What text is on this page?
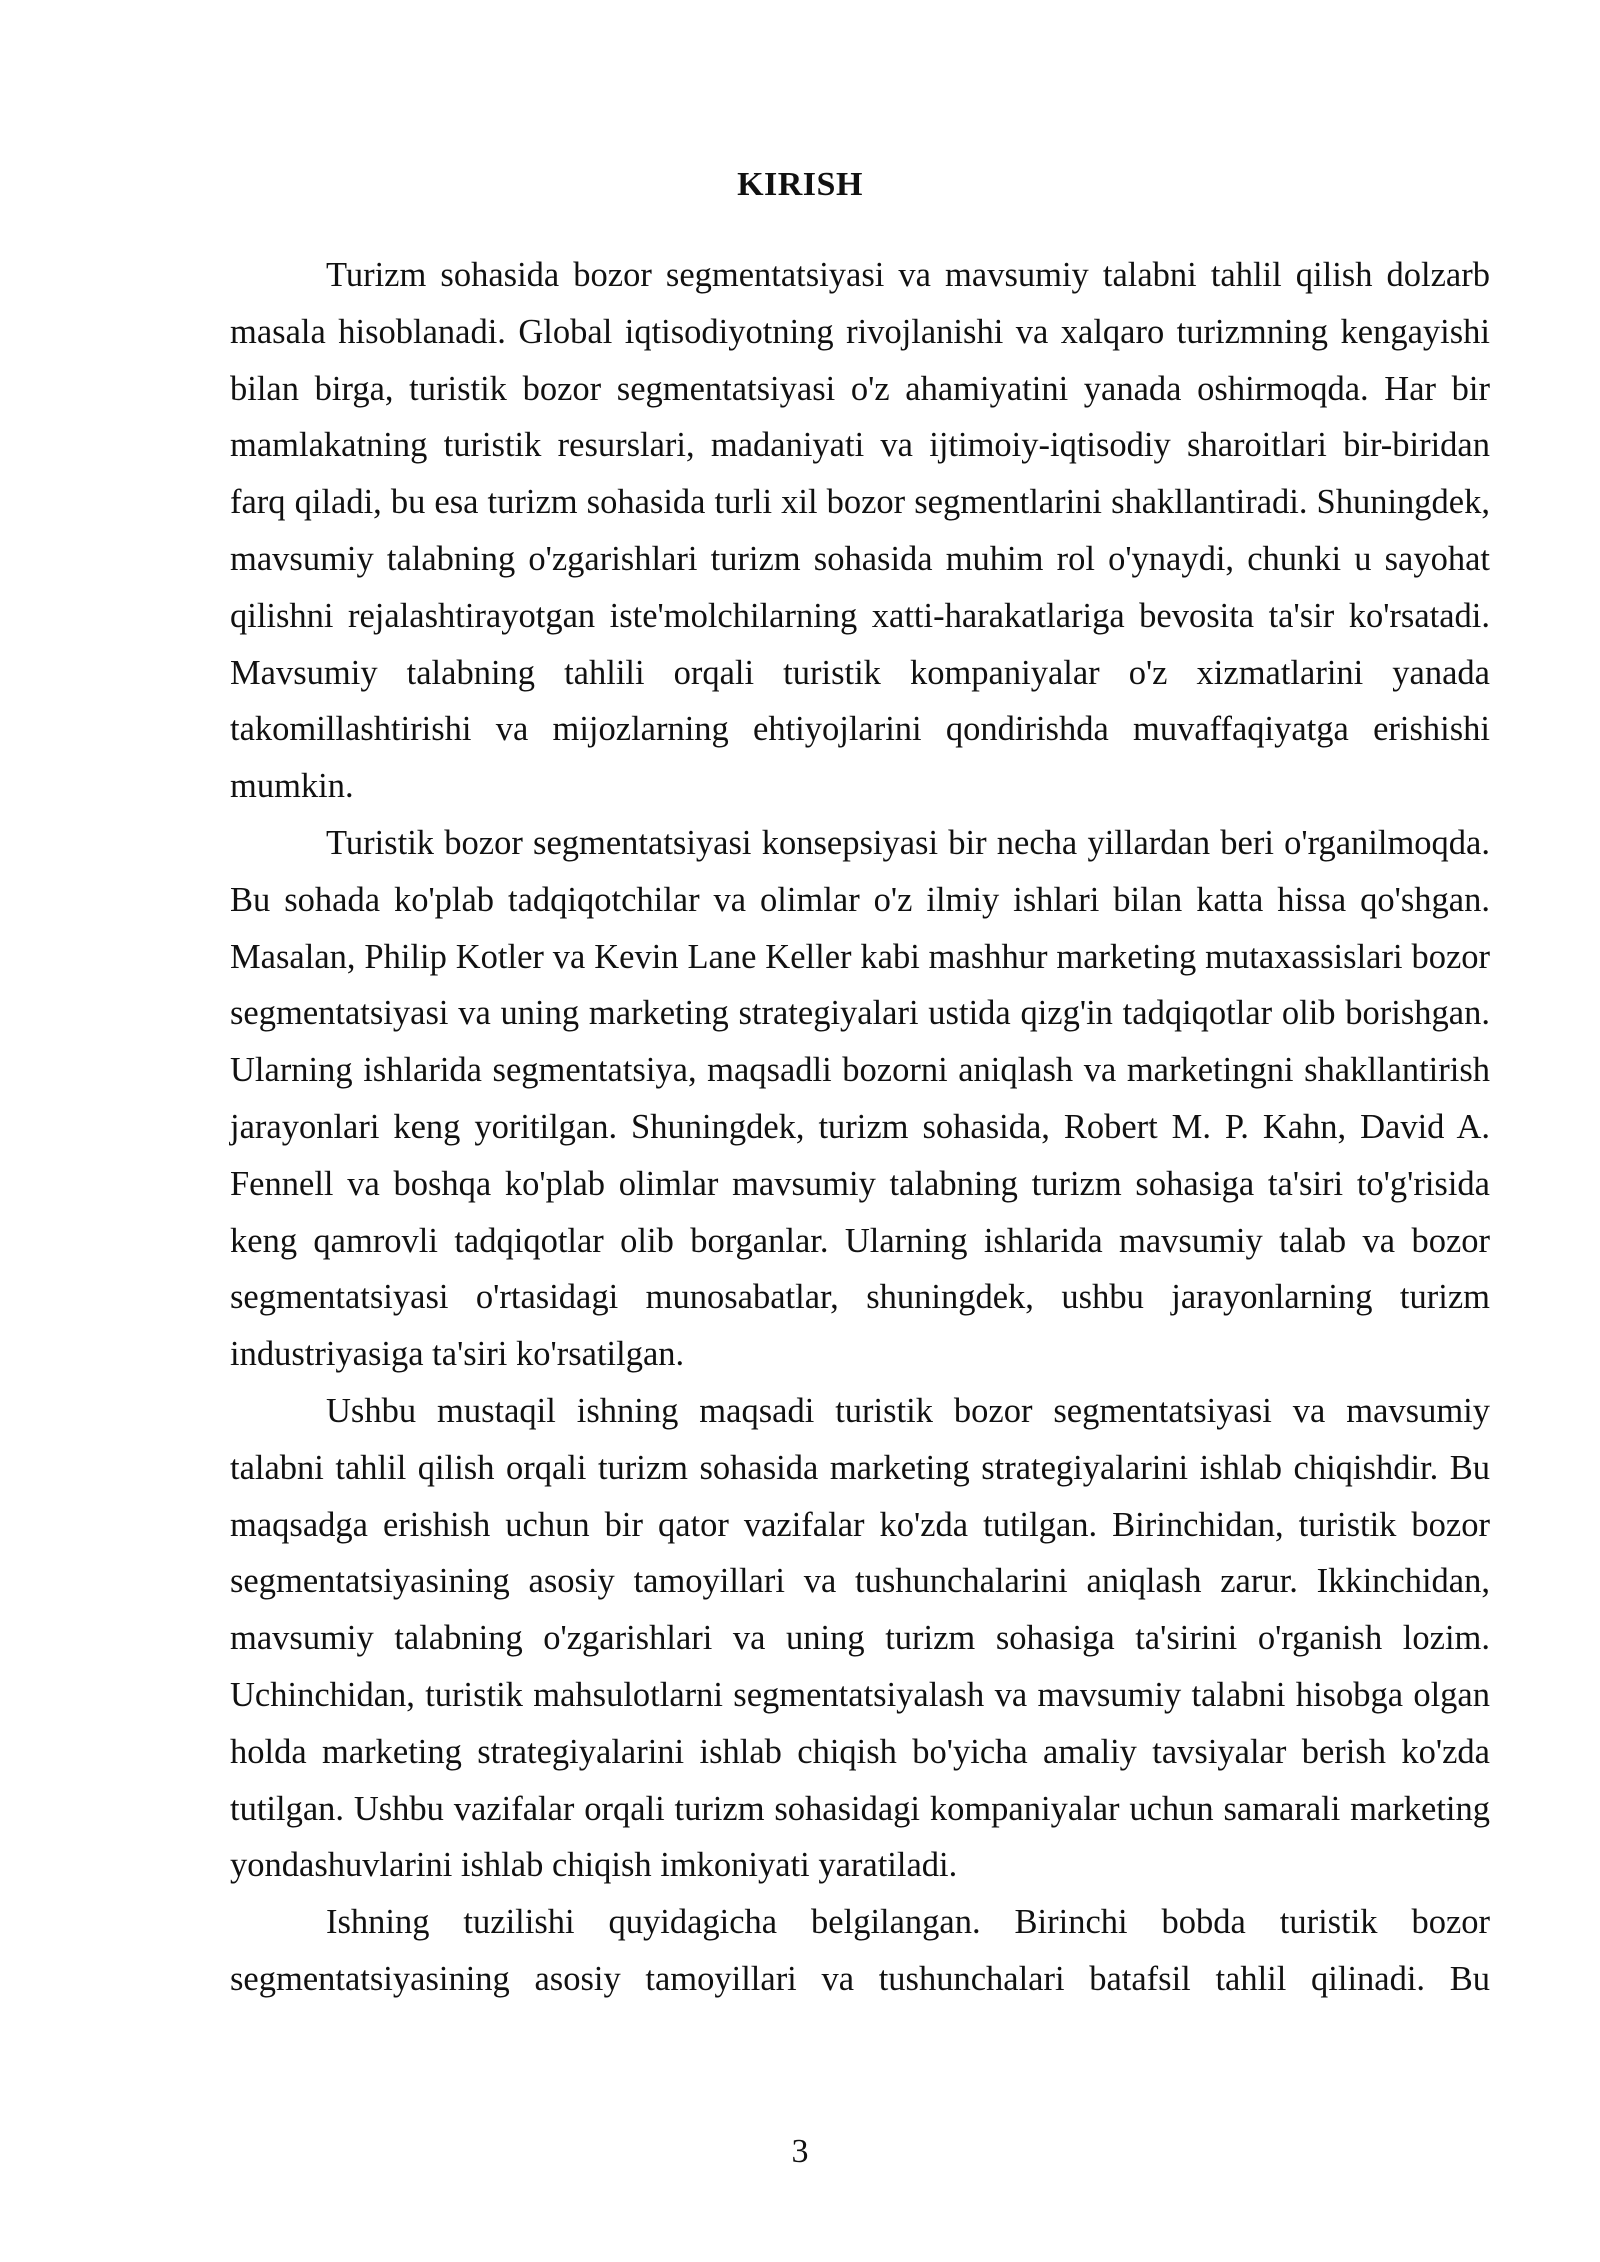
KIRISH

Turizm sohasida bozor segmentatsiyasi va mavsumiy talabni tahlil qilish dolzarb masala hisoblanadi. Global iqtisodiyotning rivojlanishi va xalqaro turizmning kengayishi bilan birga, turistik bozor segmentatsiyasi o'z ahamiyatini yanada oshirmoqda. Har bir mamlakatning turistik resurslari, madaniyati va ijtimoiy-iqtisodiy sharoitlari bir-biridan farq qiladi, bu esa turizm sohasida turli xil bozor segmentlarini shakllantiradi. Shuningdek, mavsumiy talabning o'zgarishlari turizm sohasida muhim rol o'ynaydi, chunki u sayohat qilishni rejalashtirayotgan iste'molchilarning xatti-harakatlariga bevosita ta'sir ko'rsatadi. Mavsumiy talabning tahlili orqali turistik kompaniyalar o'z xizmatlarini yanada takomillashtirishi va mijozlarning ehtiyojlarini qondirishda muvaffaqiyatga erishishi mumkin.

Turistik bozor segmentatsiyasi konsepsiyasi bir necha yillardan beri o'rganilmoqda. Bu sohada ko'plab tadqiqotchilar va olimlar o'z ilmiy ishlari bilan katta hissa qo'shgan. Masalan, Philip Kotler va Kevin Lane Keller kabi mashhur marketing mutaxassislari bozor segmentatsiyasi va uning marketing strategiyalari ustida qizg'in tadqiqotlar olib borishgan. Ularning ishlarida segmentatsiya, maqsadli bozorni aniqlash va marketingni shakllantirish jarayonlari keng yoritilgan. Shuningdek, turizm sohasida, Robert M. P. Kahn, David A. Fennell va boshqa ko'plab olimlar mavsumiy talabning turizm sohasiga ta'siri to'g'risida keng qamrovli tadqiqotlar olib borganlar. Ularning ishlarida mavsumiy talab va bozor segmentatsiyasi o'rtasidagi munosabatlar, shuningdek, ushbu jarayonlarning turizm industriyasiga ta'siri ko'rsatilgan.

Ushbu mustaqil ishning maqsadi turistik bozor segmentatsiyasi va mavsumiy talabni tahlil qilish orqali turizm sohasida marketing strategiyalarini ishlab chiqishdir. Bu maqsadga erishish uchun bir qator vazifalar ko'zda tutilgan. Birinchidan, turistik bozor segmentatsiyasining asosiy tamoyillari va tushunchalarini aniqlash zarur. Ikkinchidan, mavsumiy talabning o'zgarishlari va uning turizm sohasiga ta'sirini o'rganish lozim. Uchinchidan, turistik mahsulotlarni segmentatsiyalash va mavsumiy talabni hisobga olgan holda marketing strategiyalarini ishlab chiqish bo'yicha amaliy tavsiyalar berish ko'zda tutilgan. Ushbu vazifalar orqali turizm sohasidagi kompaniyalar uchun samarali marketing yondashuvlarini ishlab chiqish imkoniyati yaratiladi.

Ishning tuzilishi quyidagicha belgilangan. Birinchi bobda turistik bozor segmentatsiyasining asosiy tamoyillari va tushunchalari batafsil tahlil qilinadi. Bu

3
